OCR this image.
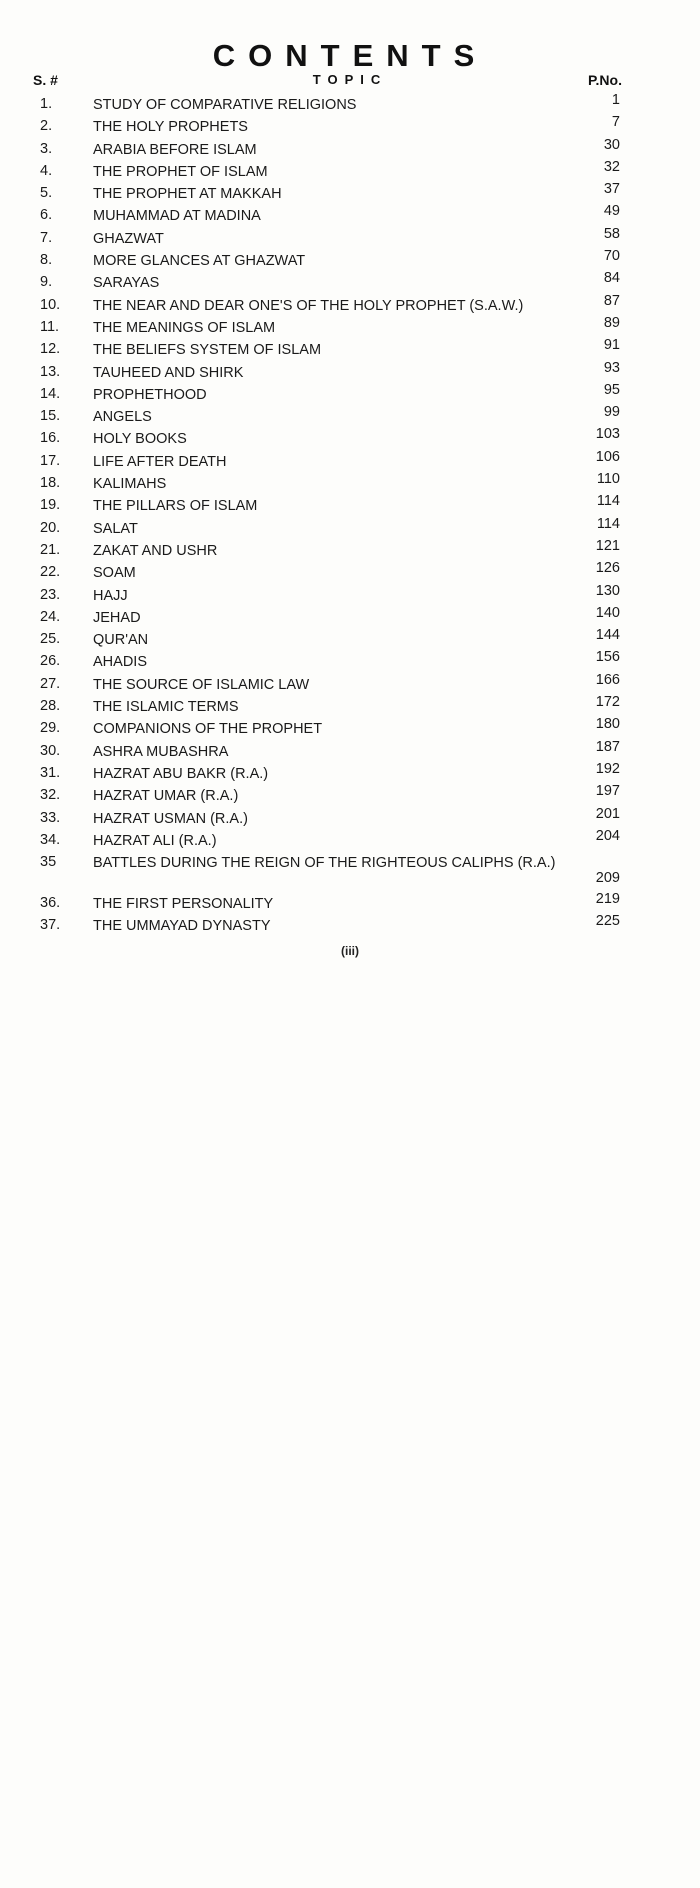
CONTENTS
S. #	TOPIC	P.No.
1.	STUDY OF COMPARATIVE RELIGIONS	1
2.	THE HOLY PROPHETS	7
3.	ARABIA BEFORE ISLAM	30
4.	THE PROPHET OF ISLAM	32
5.	THE PROPHET AT MAKKAH	37
6.	MUHAMMAD AT MADINA	49
7.	GHAZWAT	58
8.	MORE GLANCES AT GHAZWAT	70
9.	SARAYAS	84
10. THE NEAR AND DEAR ONE'S OF THE HOLY PROPHET (S.A.W.)	87
11. THE MEANINGS OF ISLAM	89
12. THE BELIEFS SYSTEM OF ISLAM	91
13. TAUHEED AND SHIRK	93
14. PROPHETHOOD	95
15. ANGELS	99
16. HOLY BOOKS	103
17. LIFE AFTER DEATH	106
18. KALIMAHS	110
19. THE PILLARS OF ISLAM	114
20. SALAT	114
21. ZAKAT AND USHR	121
22. SOAM	126
23. HAJJ	130
24. JEHAD	140
25. QUR'AN	144
26. AHADIS	156
27. THE SOURCE OF ISLAMIC LAW	166
28. THE ISLAMIC TERMS	172
29. COMPANIONS OF THE PROPHET	180
30. ASHRA MUBASHRA	187
31. HAZRAT ABU BAKR (R.A.)	192
32. HAZRAT UMAR (R.A.)	197
33. HAZRAT USMAN (R.A.)	201
34. HAZRAT ALI (R.A.)	204
35	BATTLES DURING THE REIGN OF THE RIGHTEOUS CALIPHS (R.A.)
209
36. THE FIRST PERSONALITY	219
37. THE UMMAYAD DYNASTY	225
(iii)
